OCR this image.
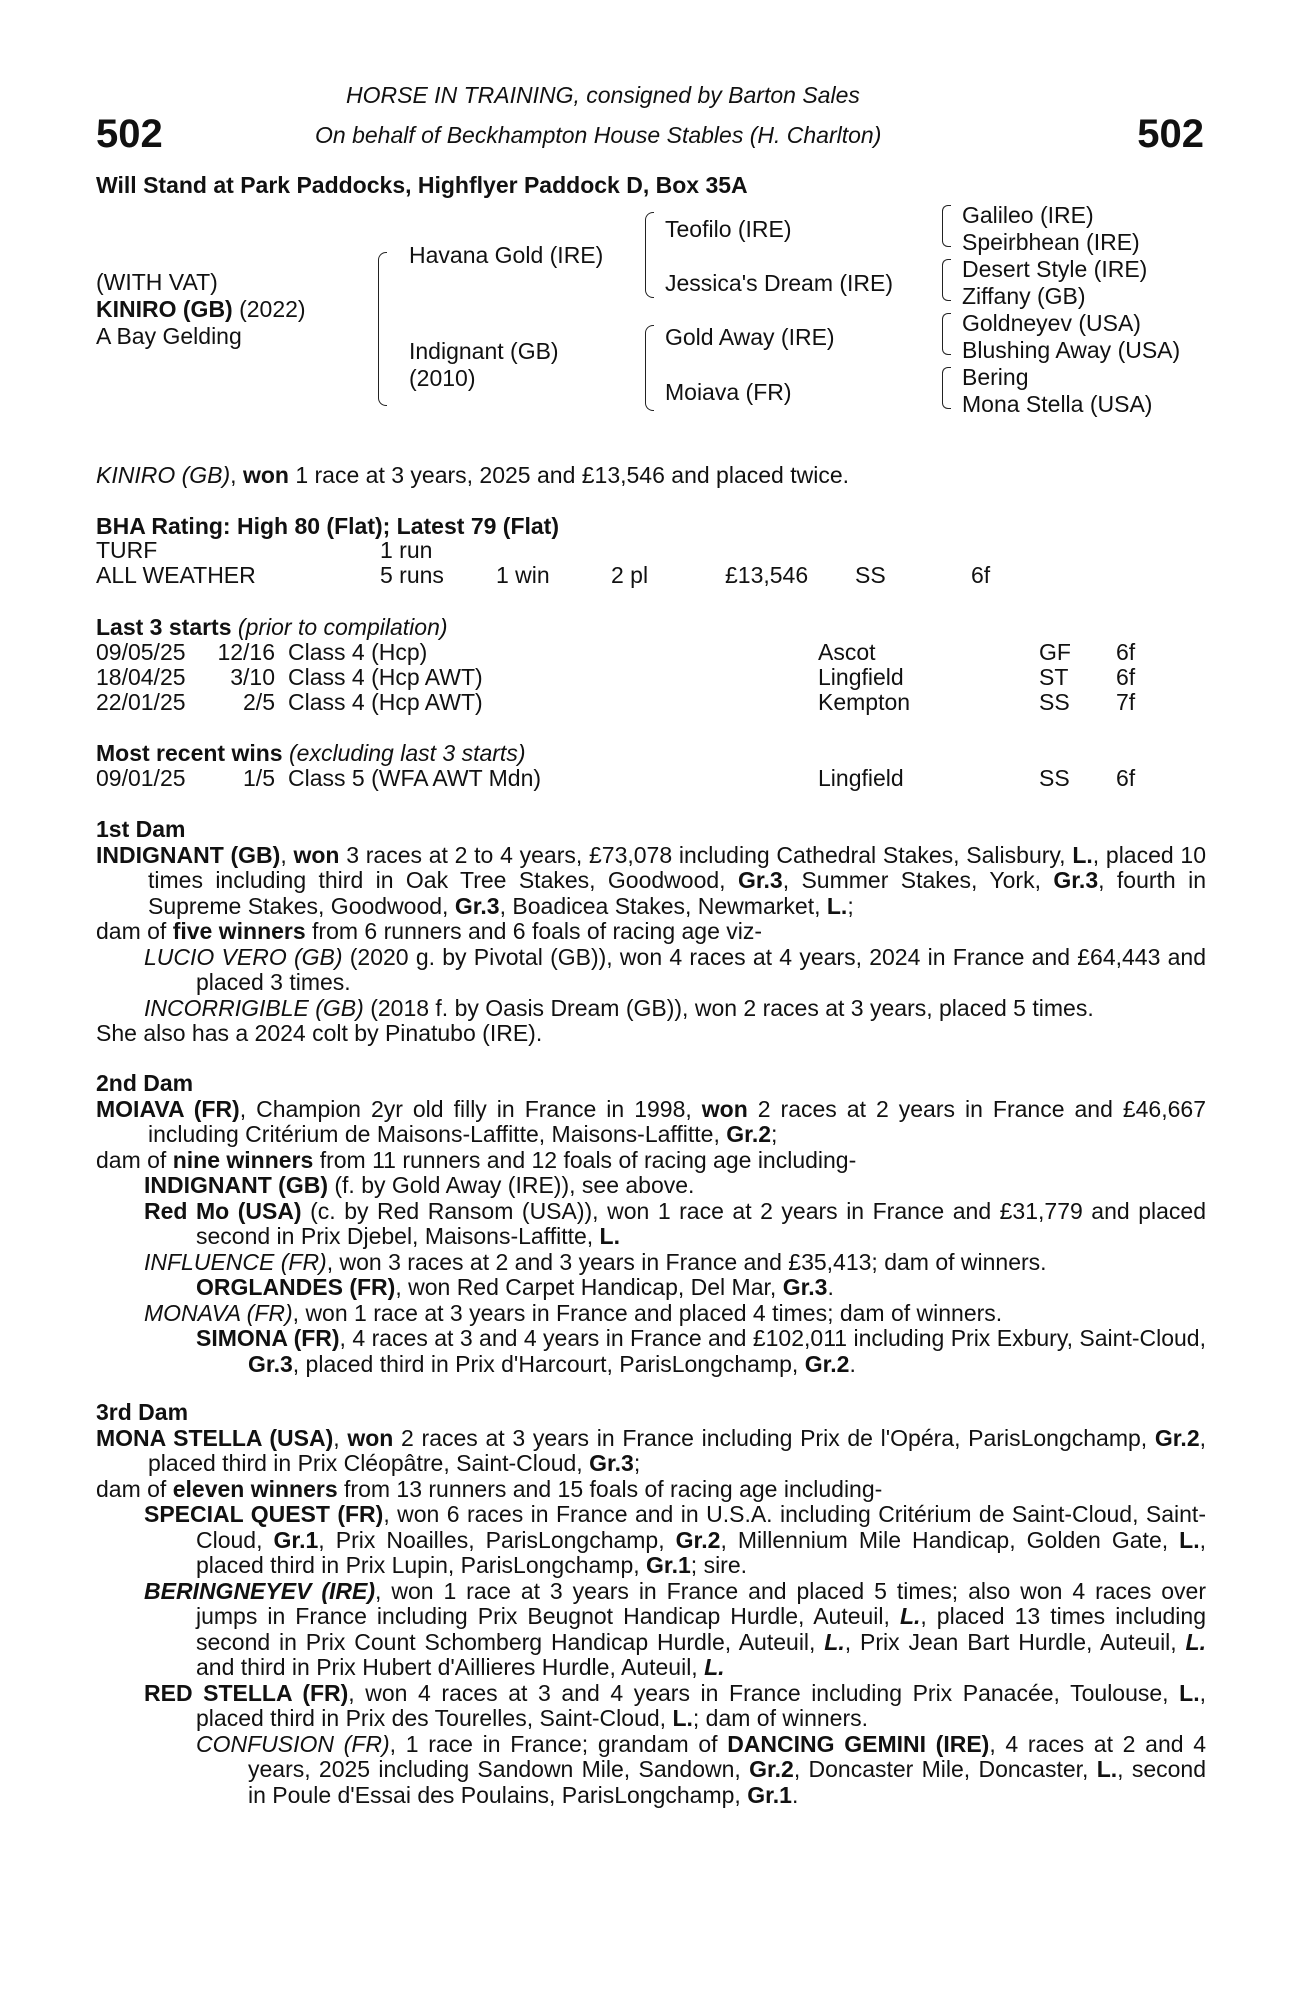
502	502
HORSE IN TRAINING, consigned by Barton Sales
On behalf of Beckhampton House Stables (H. Charlton)
Will Stand at Park Paddocks, Highflyer Paddock D, Box 35A
(WITH VAT)
KINIRO (GB) (2022)
A Bay Gelding
Havana Gold (IRE)
Indignant (GB)
(2010)
Teofilo (IRE)
Jessica's Dream (IRE)
Gold Away (IRE)
Moiava (FR)
Galileo (IRE)
Speirbhean (IRE)
Desert Style (IRE)
Ziffany (GB)
Goldneyev (USA)
Blushing Away (USA)
Bering
Mona Stella (USA)
KINIRO (GB), won 1 race at 3 years, 2025 and £13,546 and placed twice.
BHA Rating: High 80 (Flat); Latest 79 (Flat)
TURF	1 run
ALL WEATHER	5 runs 1 win	2 pl	£13,546 SS	6f
Last 3 starts (prior to compilation)
09/05/25	12/16 Class 4 (Hcp)	Ascot	GF 6f
18/04/25	3/10 Class 4 (Hcp AWT)	Lingfield	ST 6f
22/01/25	2/5 Class 4 (Hcp AWT)	Kempton	SS 7f
Most recent wins (excluding last 3 starts)
09/01/25	1/5 Class 5 (WFA AWT Mdn)	Lingfield	SS 6f

1st Dam

INDIGNANT (GB), won 3 races at 2 to 4 years, £73,078 including Cathedral Stakes, Salisbury, L., placed 10 times including third in Oak Tree Stakes, Goodwood, Gr.3, Summer Stakes, York, Gr.3, fourth in Supreme Stakes, Goodwood, Gr.3, Boadicea Stakes, Newmarket, L.;

dam of five winners from 6 runners and 6 foals of racing age viz-

LUCIO VERO (GB) (2020 g. by Pivotal (GB)), won 4 races at 4 years, 2024 in France and £64,443 and placed 3 times.

INCORRIGIBLE (GB) (2018 f. by Oasis Dream (GB)), won 2 races at 3 years, placed 5 times.

She also has a 2024 colt by Pinatubo (IRE).

2nd Dam

MOIAVA (FR), Champion 2yr old filly in France in 1998, won 2 races at 2 years in France and £46,667 including Critérium de Maisons-Laffitte, Maisons-Laffitte, Gr.2;

dam of nine winners from 11 runners and 12 foals of racing age including-

INDIGNANT (GB) (f. by Gold Away (IRE)), see above.

Red Mo (USA) (c. by Red Ransom (USA)), won 1 race at 2 years in France and £31,779 and placed second in Prix Djebel, Maisons-Laffitte, L.

INFLUENCE (FR), won 3 races at 2 and 3 years in France and £35,413; dam of winners.

ORGLANDES (FR), won Red Carpet Handicap, Del Mar, Gr.3.

MONAVA (FR), won 1 race at 3 years in France and placed 4 times; dam of winners.

SIMONA (FR), 4 races at 3 and 4 years in France and £102,011 including Prix Exbury, Saint-Cloud, Gr.3, placed third in Prix d'Harcourt, ParisLongchamp, Gr.2.

3rd Dam

MONA STELLA (USA), won 2 races at 3 years in France including Prix de l'Opéra, ParisLongchamp, Gr.2, placed third in Prix Cléopâtre, Saint-Cloud, Gr.3;

dam of eleven winners from 13 runners and 15 foals of racing age including-

SPECIAL QUEST (FR), won 6 races in France and in U.S.A. including Critérium de Saint-Cloud, Saint-Cloud, Gr.1, Prix Noailles, ParisLongchamp, Gr.2, Millennium Mile Handicap, Golden Gate, L., placed third in Prix Lupin, ParisLongchamp, Gr.1; sire.

BERINGNEYEV (IRE), won 1 race at 3 years in France and placed 5 times; also won 4 races over jumps in France including Prix Beugnot Handicap Hurdle, Auteuil, L., placed 13 times including second in Prix Count Schomberg Handicap Hurdle, Auteuil, L., Prix Jean Bart Hurdle, Auteuil, L. and third in Prix Hubert d'Aillieres Hurdle, Auteuil, L.

RED STELLA (FR), won 4 races at 3 and 4 years in France including Prix Panacée, Toulouse, L., placed third in Prix des Tourelles, Saint-Cloud, L.; dam of winners.

CONFUSION (FR), 1 race in France; grandam of DANCING GEMINI (IRE), 4 races at 2 and 4 years, 2025 including Sandown Mile, Sandown, Gr.2, Doncaster Mile, Doncaster, L., second in Poule d'Essai des Poulains, ParisLongchamp, Gr.1.
